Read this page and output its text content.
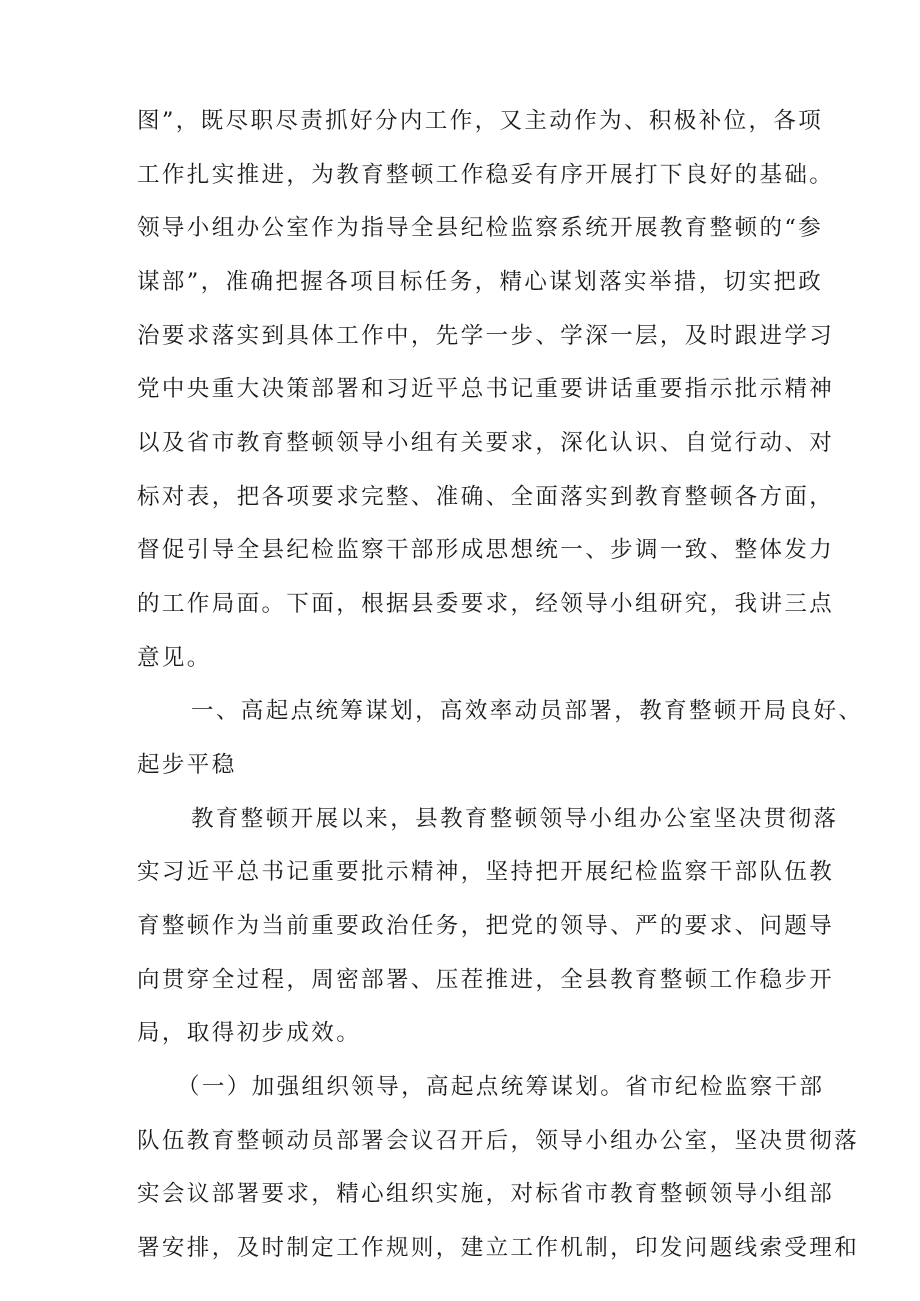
图”，既尽职尽责抓好分内工作，又主动作为、积极补位，各项
工作扎实推进，为教育整顿工作稳妥有序开展打下良好的基础。
领导小组办公室作为指导全县纪检监察系统开展教育整顿的“参
谋部”，准确把握各项目标任务，精心谋划落实举措，切实把政
治要求落实到具体工作中，先学一步、学深一层，及时跟进学习
党中央重大决策部署和习近平总书记重要讲话重要指示批示精神
以及省市教育整顿领导小组有关要求，深化认识、自觉行动、对
标对表，把各项要求完整、准确、全面落实到教育整顿各方面，
督促引导全县纪检监察干部形成思想统一、步调一致、整体发力
的工作局面。下面，根据县委要求，经领导小组研究，我讲三点
意见。
一、高起点统筹谋划，高效率动员部署，教育整顿开局良好、
起步平稳
教育整顿开展以来，县教育整顿领导小组办公室坚决贯彻落
实习近平总书记重要批示精神，坚持把开展纪检监察干部队伍教
育整顿作为当前重要政治任务，把党的领导、严的要求、问题导
向贯穿全过程，周密部署、压茬推进，全县教育整顿工作稳步开
局，取得初步成效。
（一）加强组织领导，高起点统筹谋划。省市纪检监察干部
队伍教育整顿动员部署会议召开后，领导小组办公室，坚决贯彻落
实会议部署要求，精心组织实施，对标省市教育整顿领导小组部
署安排，及时制定工作规则，建立工作机制，印发问题线索受理和
